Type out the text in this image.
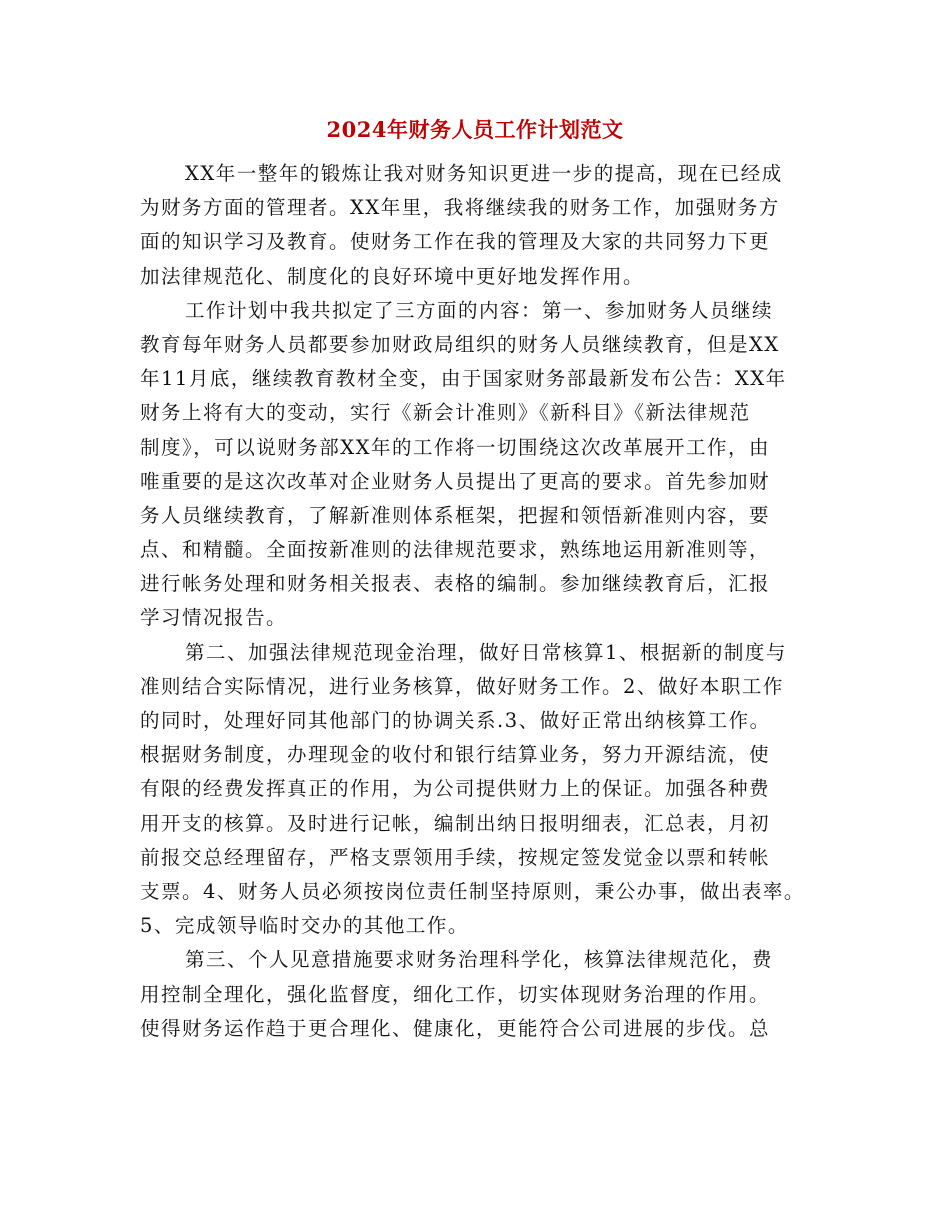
2024年财务人员工作计划范文
XX年一整年的锻炼让我对财务知识更进一步的提高，现在已经成
为财务方面的管理者。XX年里，我将继续我的财务工作，加强财务方
面的知识学习及教育。使财务工作在我的管理及大家的共同努力下更
加法律规范化、制度化的良好环境中更好地发挥作用。
工作计划中我共拟定了三方面的内容：第一、参加财务人员继续
教育每年财务人员都要参加财政局组织的财务人员继续教育，但是XX
年11月底，继续教育教材全变，由于国家财务部最新发布公告：XX年
财务上将有大的变动，实行《新会计准则》《新科目》《新法律规范
制度》，可以说财务部XX年的工作将一切围绕这次改革展开工作，由
唯重要的是这次改革对企业财务人员提出了更高的要求。首先参加财
务人员继续教育，了解新准则体系框架，把握和领悟新准则内容，要
点、和精髓。全面按新准则的法律规范要求，熟练地运用新准则等，
进行帐务处理和财务相关报表、表格的编制。参加继续教育后，汇报
学习情况报告。
第二、加强法律规范现金治理，做好日常核算1、根据新的制度与
准则结合实际情况，进行业务核算，做好财务工作。2、做好本职工作
的同时，处理好同其他部门的协调关系.3、做好正常出纳核算工作。
根据财务制度，办理现金的收付和银行结算业务，努力开源结流，使
有限的经费发挥真正的作用，为公司提供财力上的保证。加强各种费
用开支的核算。及时进行记帐，编制出纳日报明细表，汇总表，月初
前报交总经理留存，严格支票领用手续，按规定签发觉金以票和转帐
支票。4、财务人员必须按岗位责任制坚持原则，秉公办事，做出表率。
5、完成领导临时交办的其他工作。
第三、个人见意措施要求财务治理科学化，核算法律规范化，费
用控制全理化，强化监督度，细化工作，切实体现财务治理的作用。
使得财务运作趋于更合理化、健康化，更能符合公司进展的步伐。总
